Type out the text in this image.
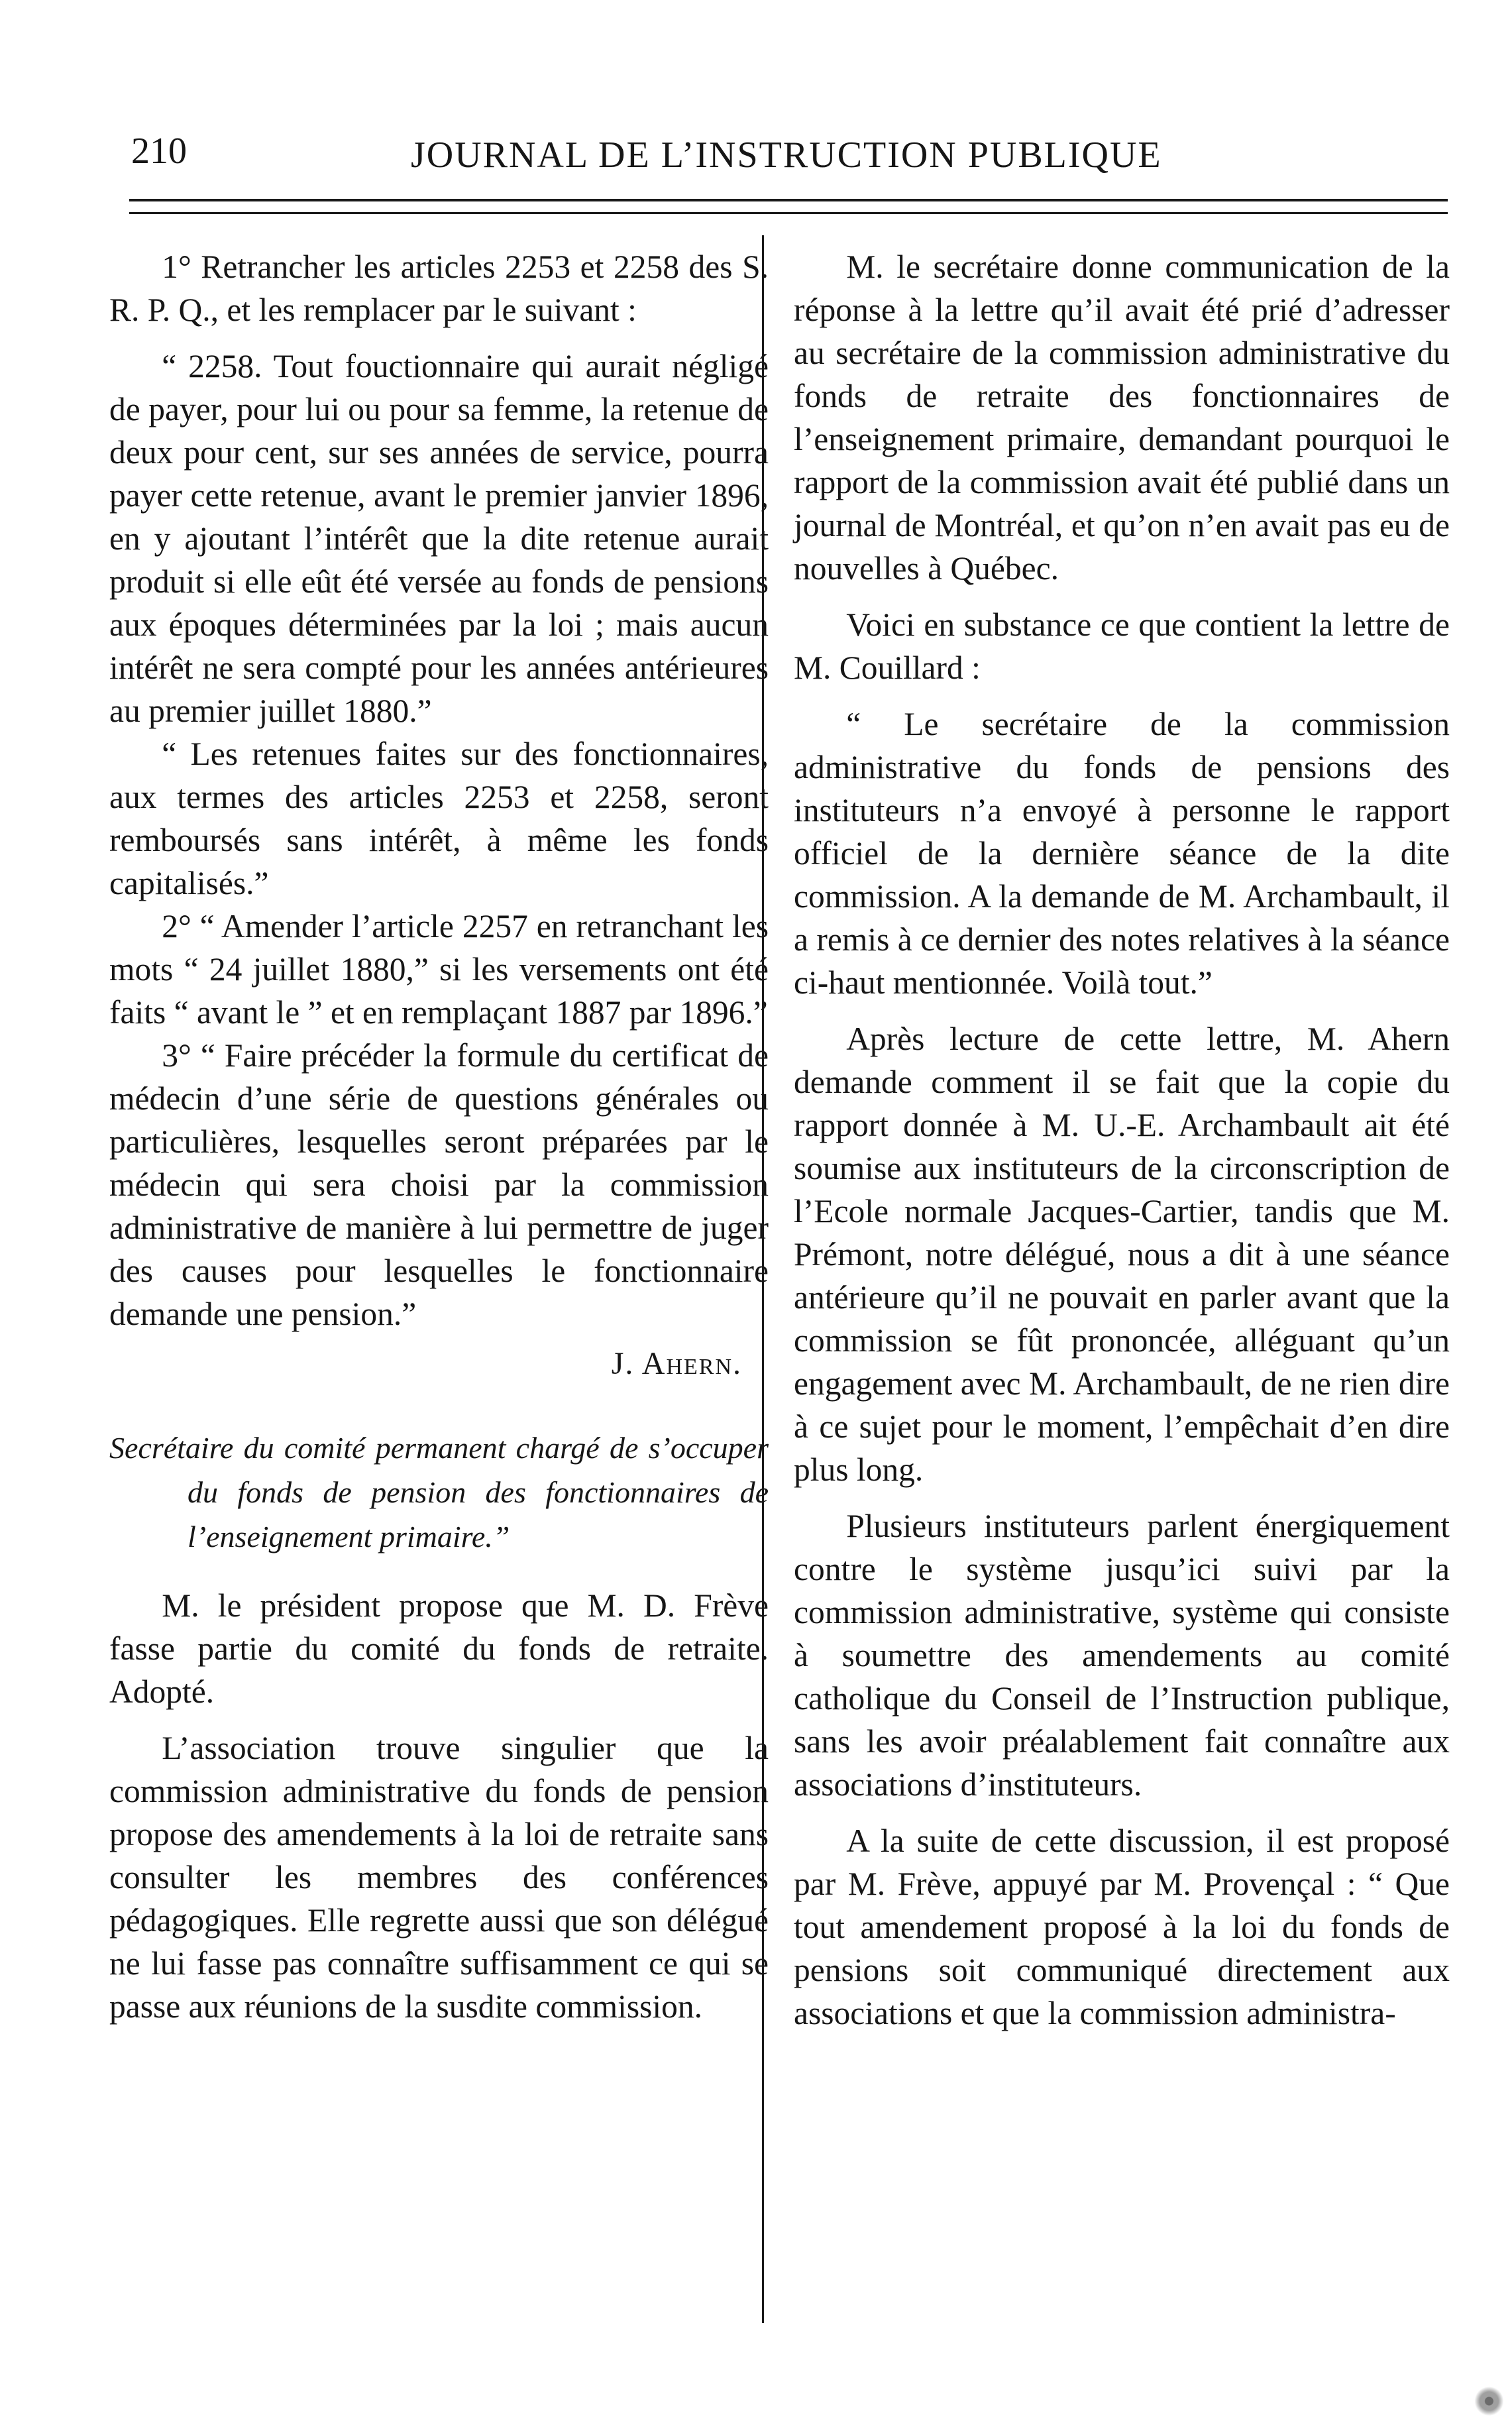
210	JOURNAL DE L’INSTRUCTION PUBLIQUE

1° Retrancher les articles 2253 et 2258 des S. R. P. Q., et les remplacer par le suivant :

“ 2258. Tout fouctionnaire qui aurait négligé de payer, pour lui ou pour sa femme, la retenue de deux pour cent, sur ses années de service, pourra payer cette retenue, avant le premier janvier 1896, en y ajoutant l’intérêt que la dite retenue aurait produit si elle eût été versée au fonds de pensions aux époques déterminées par la loi ; mais aucun intérêt ne sera compté pour les années antérieures au premier juillet 1880.”

“ Les retenues faites sur des fonctionnaires, aux termes des articles 2253 et 2258, seront remboursés sans intérêt, à même les fonds capitalisés.”

2° “ Amender l’article 2257 en retranchant les mots “ 24 juillet 1880,” si les versements ont été faits “ avant le ” et en remplaçant 1887 par 1896.”

3° “ Faire précéder la formule du certificat de médecin d’une série de questions générales ou particulières, lesquelles seront préparées par le médecin qui sera choisi par la commission administrative de manière à lui permettre de juger des causes pour lesquelles le fonctionnaire demande une pension.”

J. Ahern.
Secrétaire du comité permanent chargé de s’occuper du fonds de pension des fonctionnaires de l’enseignement primaire.”

M. le président propose que M. D. Frève fasse partie du comité du fonds de retraite. Adopté.

L’association trouve singulier que la commission administrative du fonds de pension propose des amendements à la loi de retraite sans consulter les membres des conférences pédagogiques. Elle regrette aussi que son délégué ne lui fasse pas connaître suffisamment ce qui se passe aux réunions de la susdite commission.

M. le secrétaire donne communication de la réponse à la lettre qu’il avait été prié d’adresser au secrétaire de la commission administrative du fonds de retraite des fonctionnaires de l’enseignement primaire, demandant pourquoi le rapport de la commission avait été publié dans un journal de Montréal, et qu’on n’en avait pas eu de nouvelles à Québec.

Voici en substance ce que contient la lettre de M. Couillard :

“ Le secrétaire de la commission administrative du fonds de pensions des instituteurs n’a envoyé à personne le rapport officiel de la dernière séance de la dite commission. A la demande de M. Archambault, il a remis à ce dernier des notes relatives à la séance ci-haut mentionnée. Voilà tout.”

Après lecture de cette lettre, M. Ahern demande comment il se fait que la copie du rapport donnée à M. U.-E. Archambault ait été soumise aux instituteurs de la circonscription de l’Ecole normale Jacques-Cartier, tandis que M. Prémont, notre délégué, nous a dit à une séance antérieure qu’il ne pouvait en parler avant que la commission se fût prononcée, alléguant qu’un engagement avec M. Archambault, de ne rien dire à ce sujet pour le moment, l’empêchait d’en dire plus long.

Plusieurs instituteurs parlent énergiquement contre le système jusqu’ici suivi par la commission administrative, système qui consiste à soumettre des amendements au comité catholique du Conseil de l’Instruction publique, sans les avoir préalablement fait connaître aux associations d’instituteurs.

A la suite de cette discussion, il est proposé par M. Frève, appuyé par M. Provençal : “ Que tout amendement proposé à la loi du fonds de pensions soit communiqué directement aux associations et que la commission administra-
